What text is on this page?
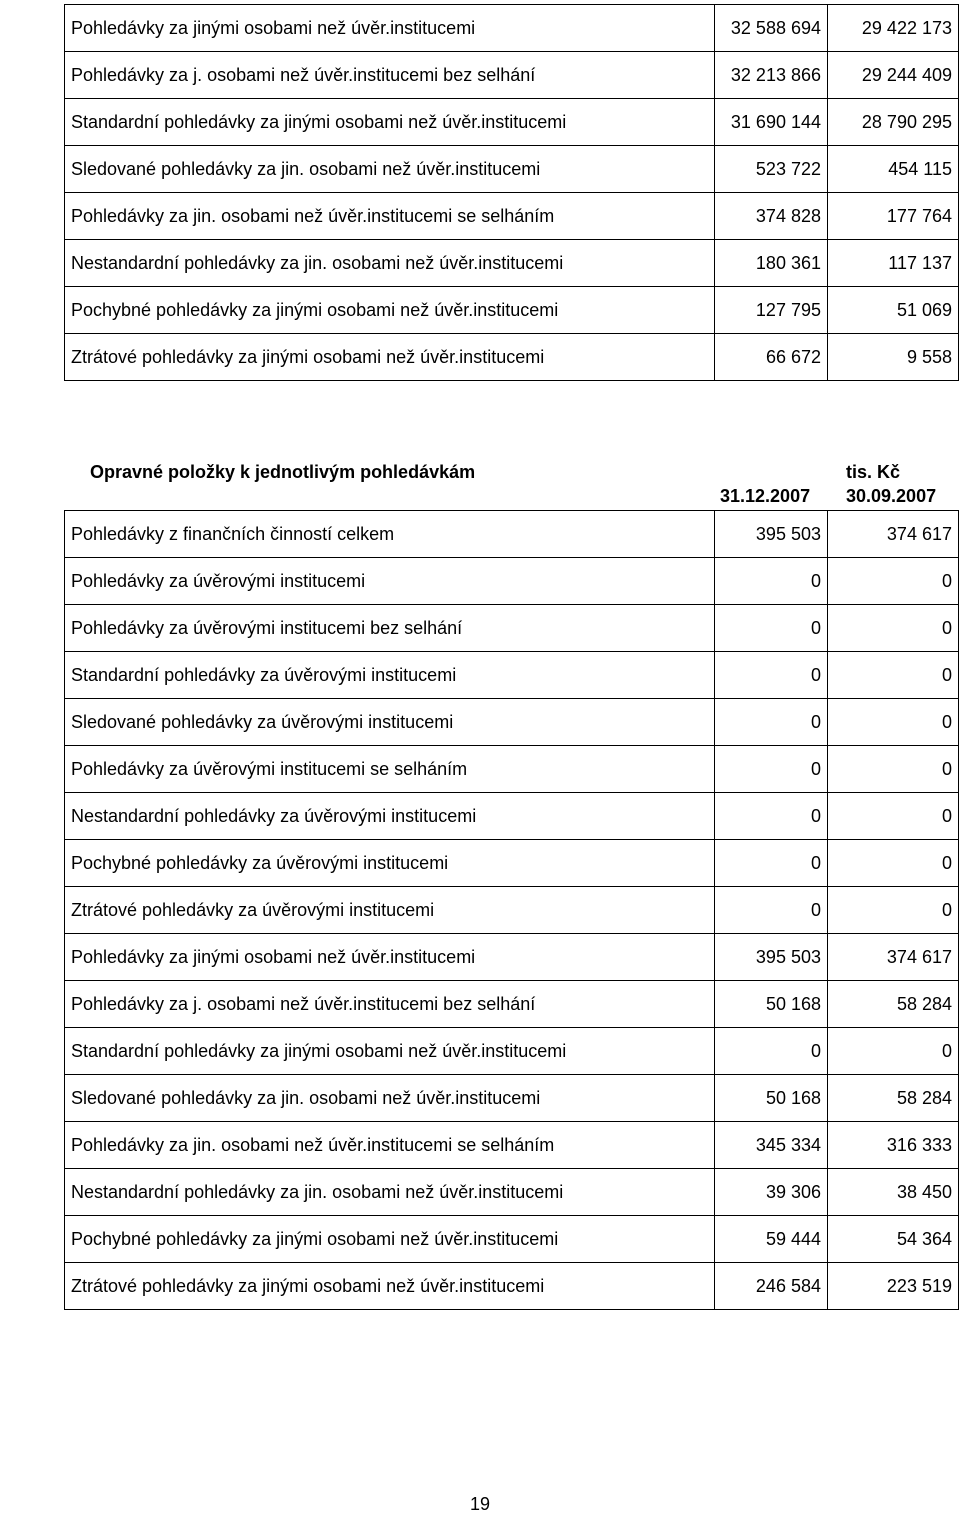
Pohledávky za jinými osobami než úvěr.institucemi	32 588 694	29 422 173
Pohledávky za j. osobami než úvěr.institucemi bez selhání	32 213 866	29 244 409
Standardní pohledávky za jinými osobami než úvěr.institucemi	31 690 144	28 790 295
Sledované pohledávky za jin. osobami než úvěr.institucemi	523 722	454 115
Pohledávky za jin. osobami než úvěr.institucemi se selháním	374 828	177 764
Nestandardní pohledávky za jin. osobami než úvěr.institucemi	180 361	117 137
Pochybné pohledávky za jinými osobami než úvěr.institucemi	127 795	51 069
Ztrátové pohledávky za jinými osobami než úvěr.institucemi	66 672	9 558
Opravné položky k jednotlivým pohledávkám	tis. Kč
31.12.2007 30.09.2007
Pohledávky z finančních činností celkem	395 503	374 617
Pohledávky za úvěrovými institucemi	0	0
Pohledávky za úvěrovými institucemi bez selhání	0	0
Standardní pohledávky za úvěrovými institucemi	0	0
Sledované pohledávky za úvěrovými institucemi	0	0
Pohledávky za úvěrovými institucemi se selháním	0	0
Nestandardní pohledávky za úvěrovými institucemi	0	0
Pochybné pohledávky za úvěrovými institucemi	0	0
Ztrátové pohledávky za úvěrovými institucemi	0	0
Pohledávky za jinými osobami než úvěr.institucemi	395 503	374 617
Pohledávky za j. osobami než úvěr.institucemi bez selhání	50 168	58 284
Standardní pohledávky za jinými osobami než úvěr.institucemi	0	0
Sledované pohledávky za jin. osobami než úvěr.institucemi	50 168	58 284
Pohledávky za jin. osobami než úvěr.institucemi se selháním	345 334	316 333
Nestandardní pohledávky za jin. osobami než úvěr.institucemi	39 306	38 450
Pochybné pohledávky za jinými osobami než úvěr.institucemi	59 444	54 364
Ztrátové pohledávky za jinými osobami než úvěr.institucemi	246 584	223 519
19
